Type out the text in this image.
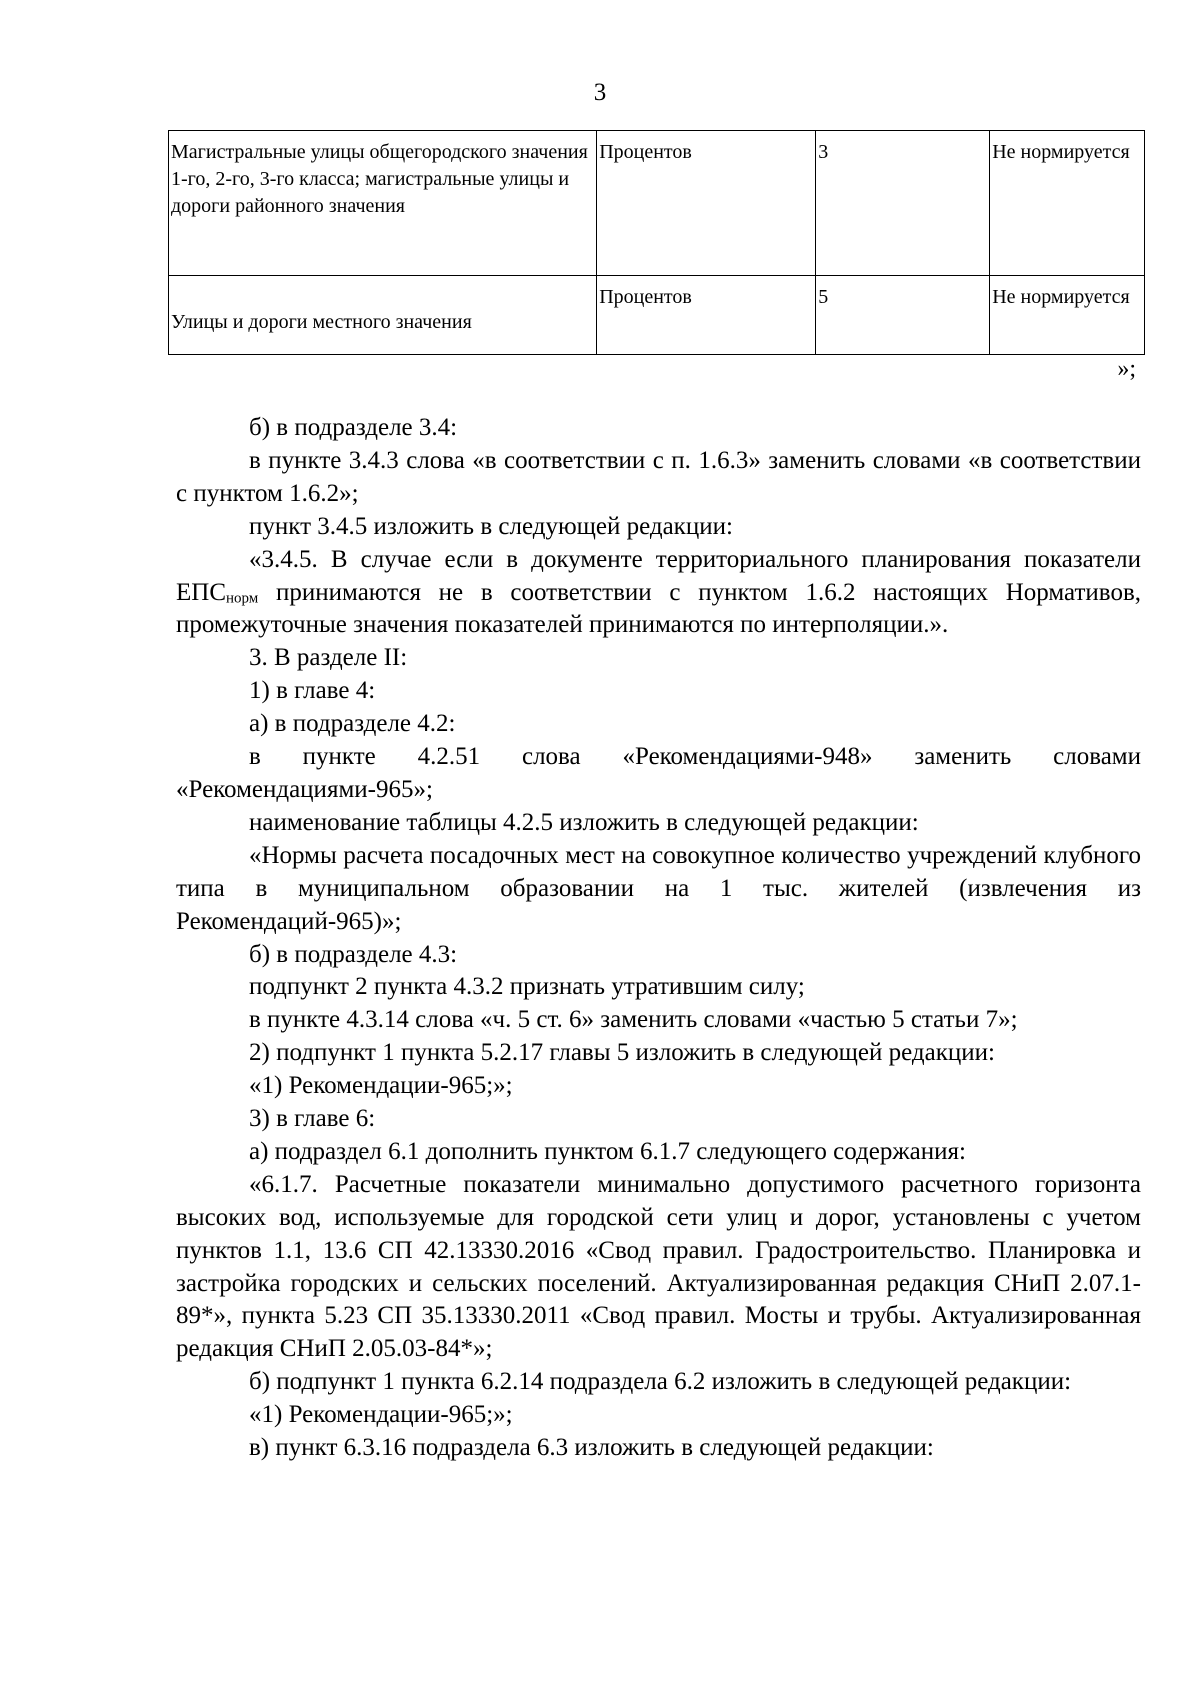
3
Магистральные улицы общегородского значения 1-го, 2-го, 3-го класса; магистральные улицы и дороги районного значения	Процентов	3	Не нормируется
Улицы и дороги местного значения	Процентов	5	Не нормируется
»;

б) в подразделе 3.4:

в пункте 3.4.3 слова «в соответствии с п. 1.6.3» заменить словами «в соответствии с пунктом 1.6.2»;

пункт 3.4.5 изложить в следующей редакции:

«3.4.5. В случае если в документе территориального планирования показатели $ЕПС_{норм}$ принимаются не в соответствии с пунктом 1.6.2 настоящих Нормативов, промежуточные значения показателей принимаются по интерполяции.».

3. В разделе II:

1) в главе 4:

а) в подразделе 4.2:

в пункте 4.2.51 слова «Рекомендациями-948» заменить словами «Рекомендациями-965»;

наименование таблицы 4.2.5 изложить в следующей редакции:

«Нормы расчета посадочных мест на совокупное количество учреждений клубного типа в муниципальном образовании на 1 тыс. жителей (извлечения из Рекомендаций-965)»;

б) в подразделе 4.3:

подпункт 2 пункта 4.3.2 признать утратившим силу;

в пункте 4.3.14 слова «ч. 5 ст. 6» заменить словами «частью 5 статьи 7»;

2) подпункт 1 пункта 5.2.17 главы 5 изложить в следующей редакции:

«1) Рекомендации-965;»;

3) в главе 6:

а) подраздел 6.1 дополнить пунктом 6.1.7 следующего содержания:

«6.1.7. Расчетные показатели минимально допустимого расчетного горизонта высоких вод, используемые для городской сети улиц и дорог, установлены с учетом пунктов 1.1, 13.6 СП 42.13330.2016 «Свод правил. Градостроительство. Планировка и застройка городских и сельских поселений. Актуализированная редакция СНиП 2.07.1-89*», пункта 5.23 СП 35.13330.2011 «Свод правил. Мосты и трубы. Актуализированная редакция СНиП 2.05.03-84*»;

б) подпункт 1 пункта 6.2.14 подраздела 6.2 изложить в следующей редакции:

«1) Рекомендации-965;»;

в) пункт 6.3.16 подраздела 6.3 изложить в следующей редакции:
